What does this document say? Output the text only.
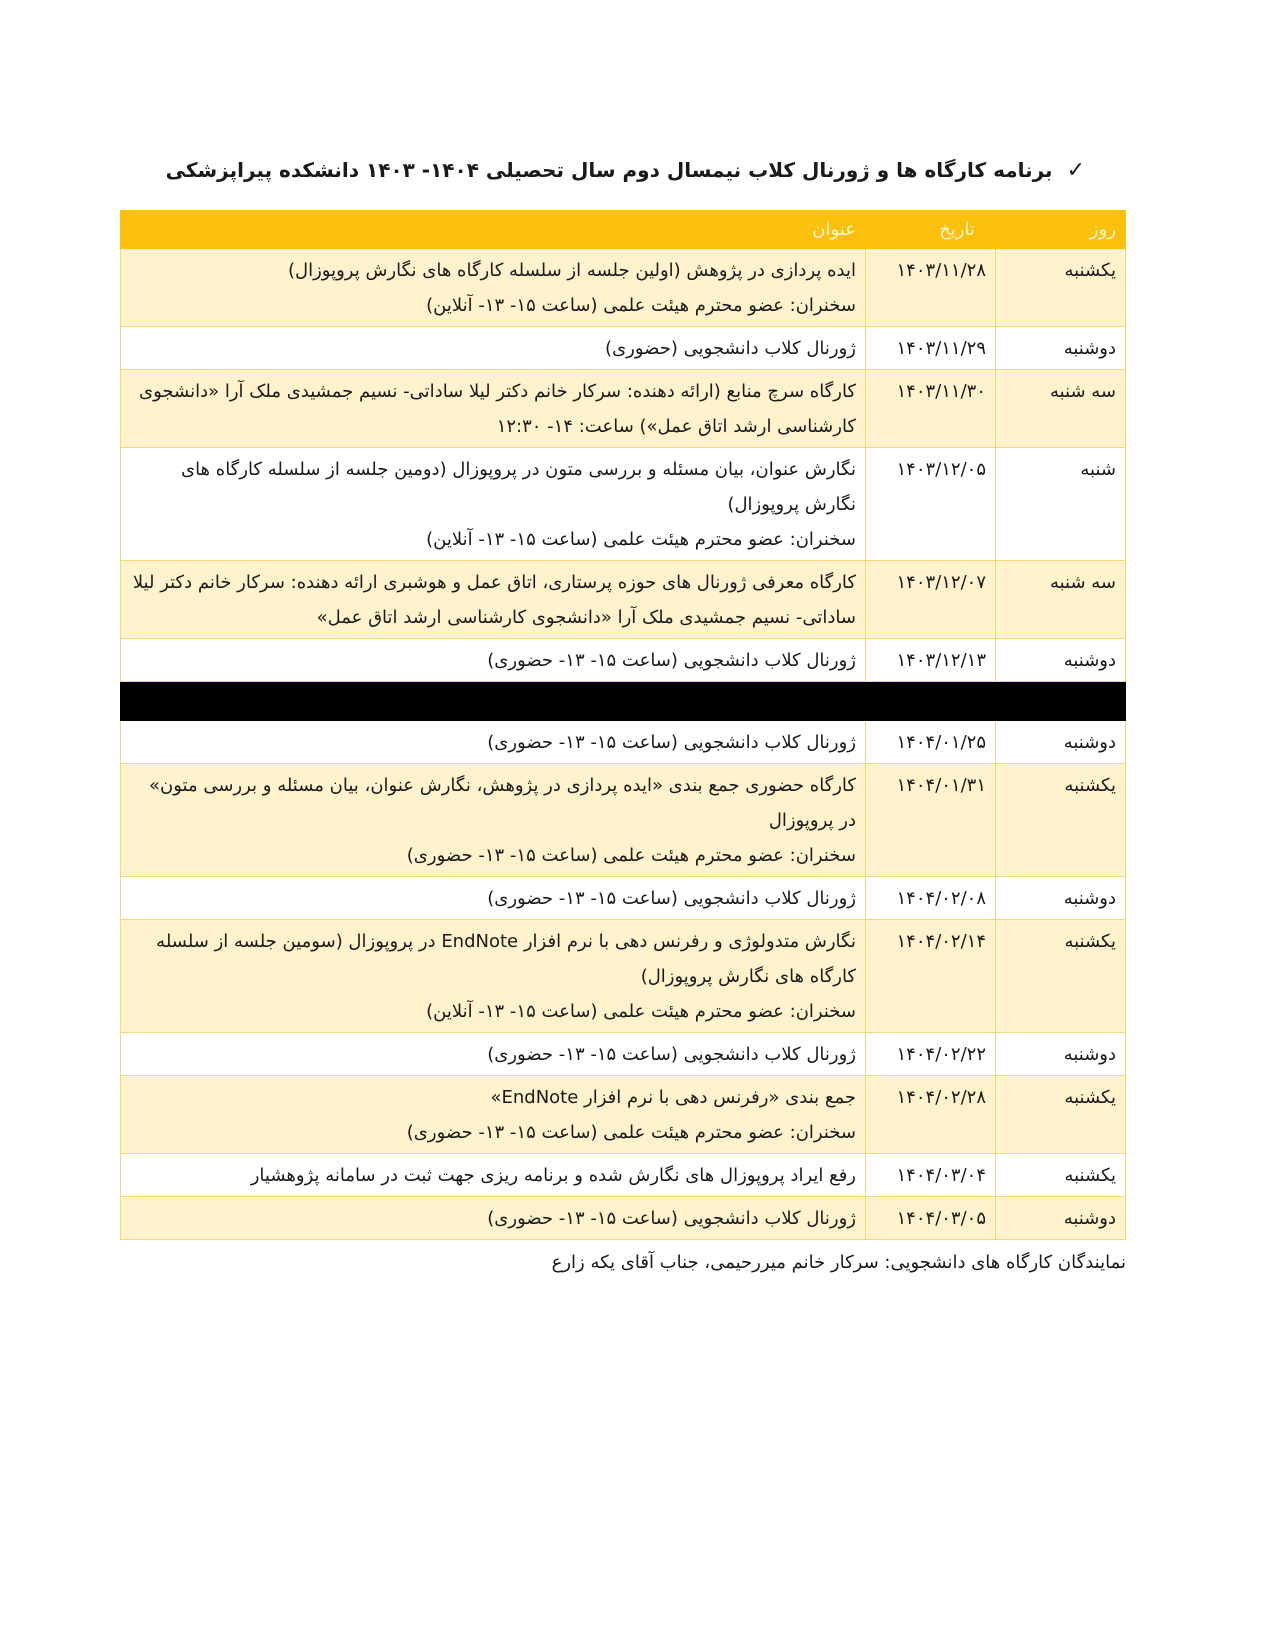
✓
برنامه کارگاه ها و ژورنال کلاب نیمسال دوم سال تحصیلی ۱۴۰۴- ۱۴۰۳ دانشکده پیراپزشکی
روز	تاریخ	عنوان
یکشنبه	۱۴۰۳/۱۱/۲۸	ایده پردازی در پژوهش (اولین جلسه از سلسله کارگاه های نگارش پروپوزال)
سخنران: عضو محترم هیئت علمی (ساعت ۱۵- ۱۳- آنلاین)

دوشنبه	۱۴۰۳/۱۱/۲۹	ژورنال کلاب دانشجویی (حضوری)

سه شنبه	۱۴۰۳/۱۱/۳۰	کارگاه سرچ منابع (ارائه دهنده: سرکار خانم دکتر لیلا ساداتی- نسیم جمشیدی ملک آرا «دانشجوی کارشناسی ارشد اتاق عمل») ساعت: ۱۴- ۱۲:۳۰

شنبه	۱۴۰۳/۱۲/۰۵	نگارش عنوان، بیان مسئله و بررسی متون در پروپوزال (دومین جلسه از سلسله کارگاه های نگارش پروپوزال)
سخنران: عضو محترم هیئت علمی (ساعت ۱۵- ۱۳- آنلاین)

سه شنبه	۱۴۰۳/۱۲/۰۷	کارگاه معرفی ژورنال های حوزه پرستاری، اتاق عمل و هوشبری ارائه دهنده: سرکار خانم دکتر لیلا ساداتی- نسیم جمشیدی ملک آرا «دانشجوی کارشناسی ارشد اتاق عمل»

دوشنبه	۱۴۰۳/۱۲/۱۳	ژورنال کلاب دانشجویی (ساعت ۱۵- ۱۳- حضوری)

دوشنبه	۱۴۰۴/۰۱/۲۵	ژورنال کلاب دانشجویی (ساعت ۱۵- ۱۳- حضوری)

یکشنبه	۱۴۰۴/۰۱/۳۱	کارگاه حضوری جمع بندی «ایده پردازی در پژوهش، نگارش عنوان، بیان مسئله و بررسی متون» در پروپوزال
سخنران: عضو محترم هیئت علمی (ساعت ۱۵- ۱۳- حضوری)

دوشنبه	۱۴۰۴/۰۲/۰۸	ژورنال کلاب دانشجویی (ساعت ۱۵- ۱۳- حضوری)

یکشنبه	۱۴۰۴/۰۲/۱۴	نگارش متدولوژی و رفرنس دهی با نرم افزار EndNote در پروپوزال (سومین جلسه از سلسله کارگاه های نگارش پروپوزال)
سخنران: عضو محترم هیئت علمی (ساعت ۱۵- ۱۳- آنلاین)

دوشنبه	۱۴۰۴/۰۲/۲۲	ژورنال کلاب دانشجویی (ساعت ۱۵- ۱۳- حضوری)

یکشنبه	۱۴۰۴/۰۲/۲۸	جمع بندی «رفرنس دهی با نرم افزار EndNote»
سخنران: عضو محترم هیئت علمی (ساعت ۱۵- ۱۳- حضوری)

یکشنبه	۱۴۰۴/۰۳/۰۴	رفع ایراد پروپوزال های نگارش شده و برنامه ریزی جهت ثبت در سامانه پژوهشیار

دوشنبه	۱۴۰۴/۰۳/۰۵	ژورنال کلاب دانشجویی (ساعت ۱۵- ۱۳- حضوری)
نمایندگان کارگاه های دانشجویی: سرکار خانم میررحیمی، جناب آقای یکه زارع
